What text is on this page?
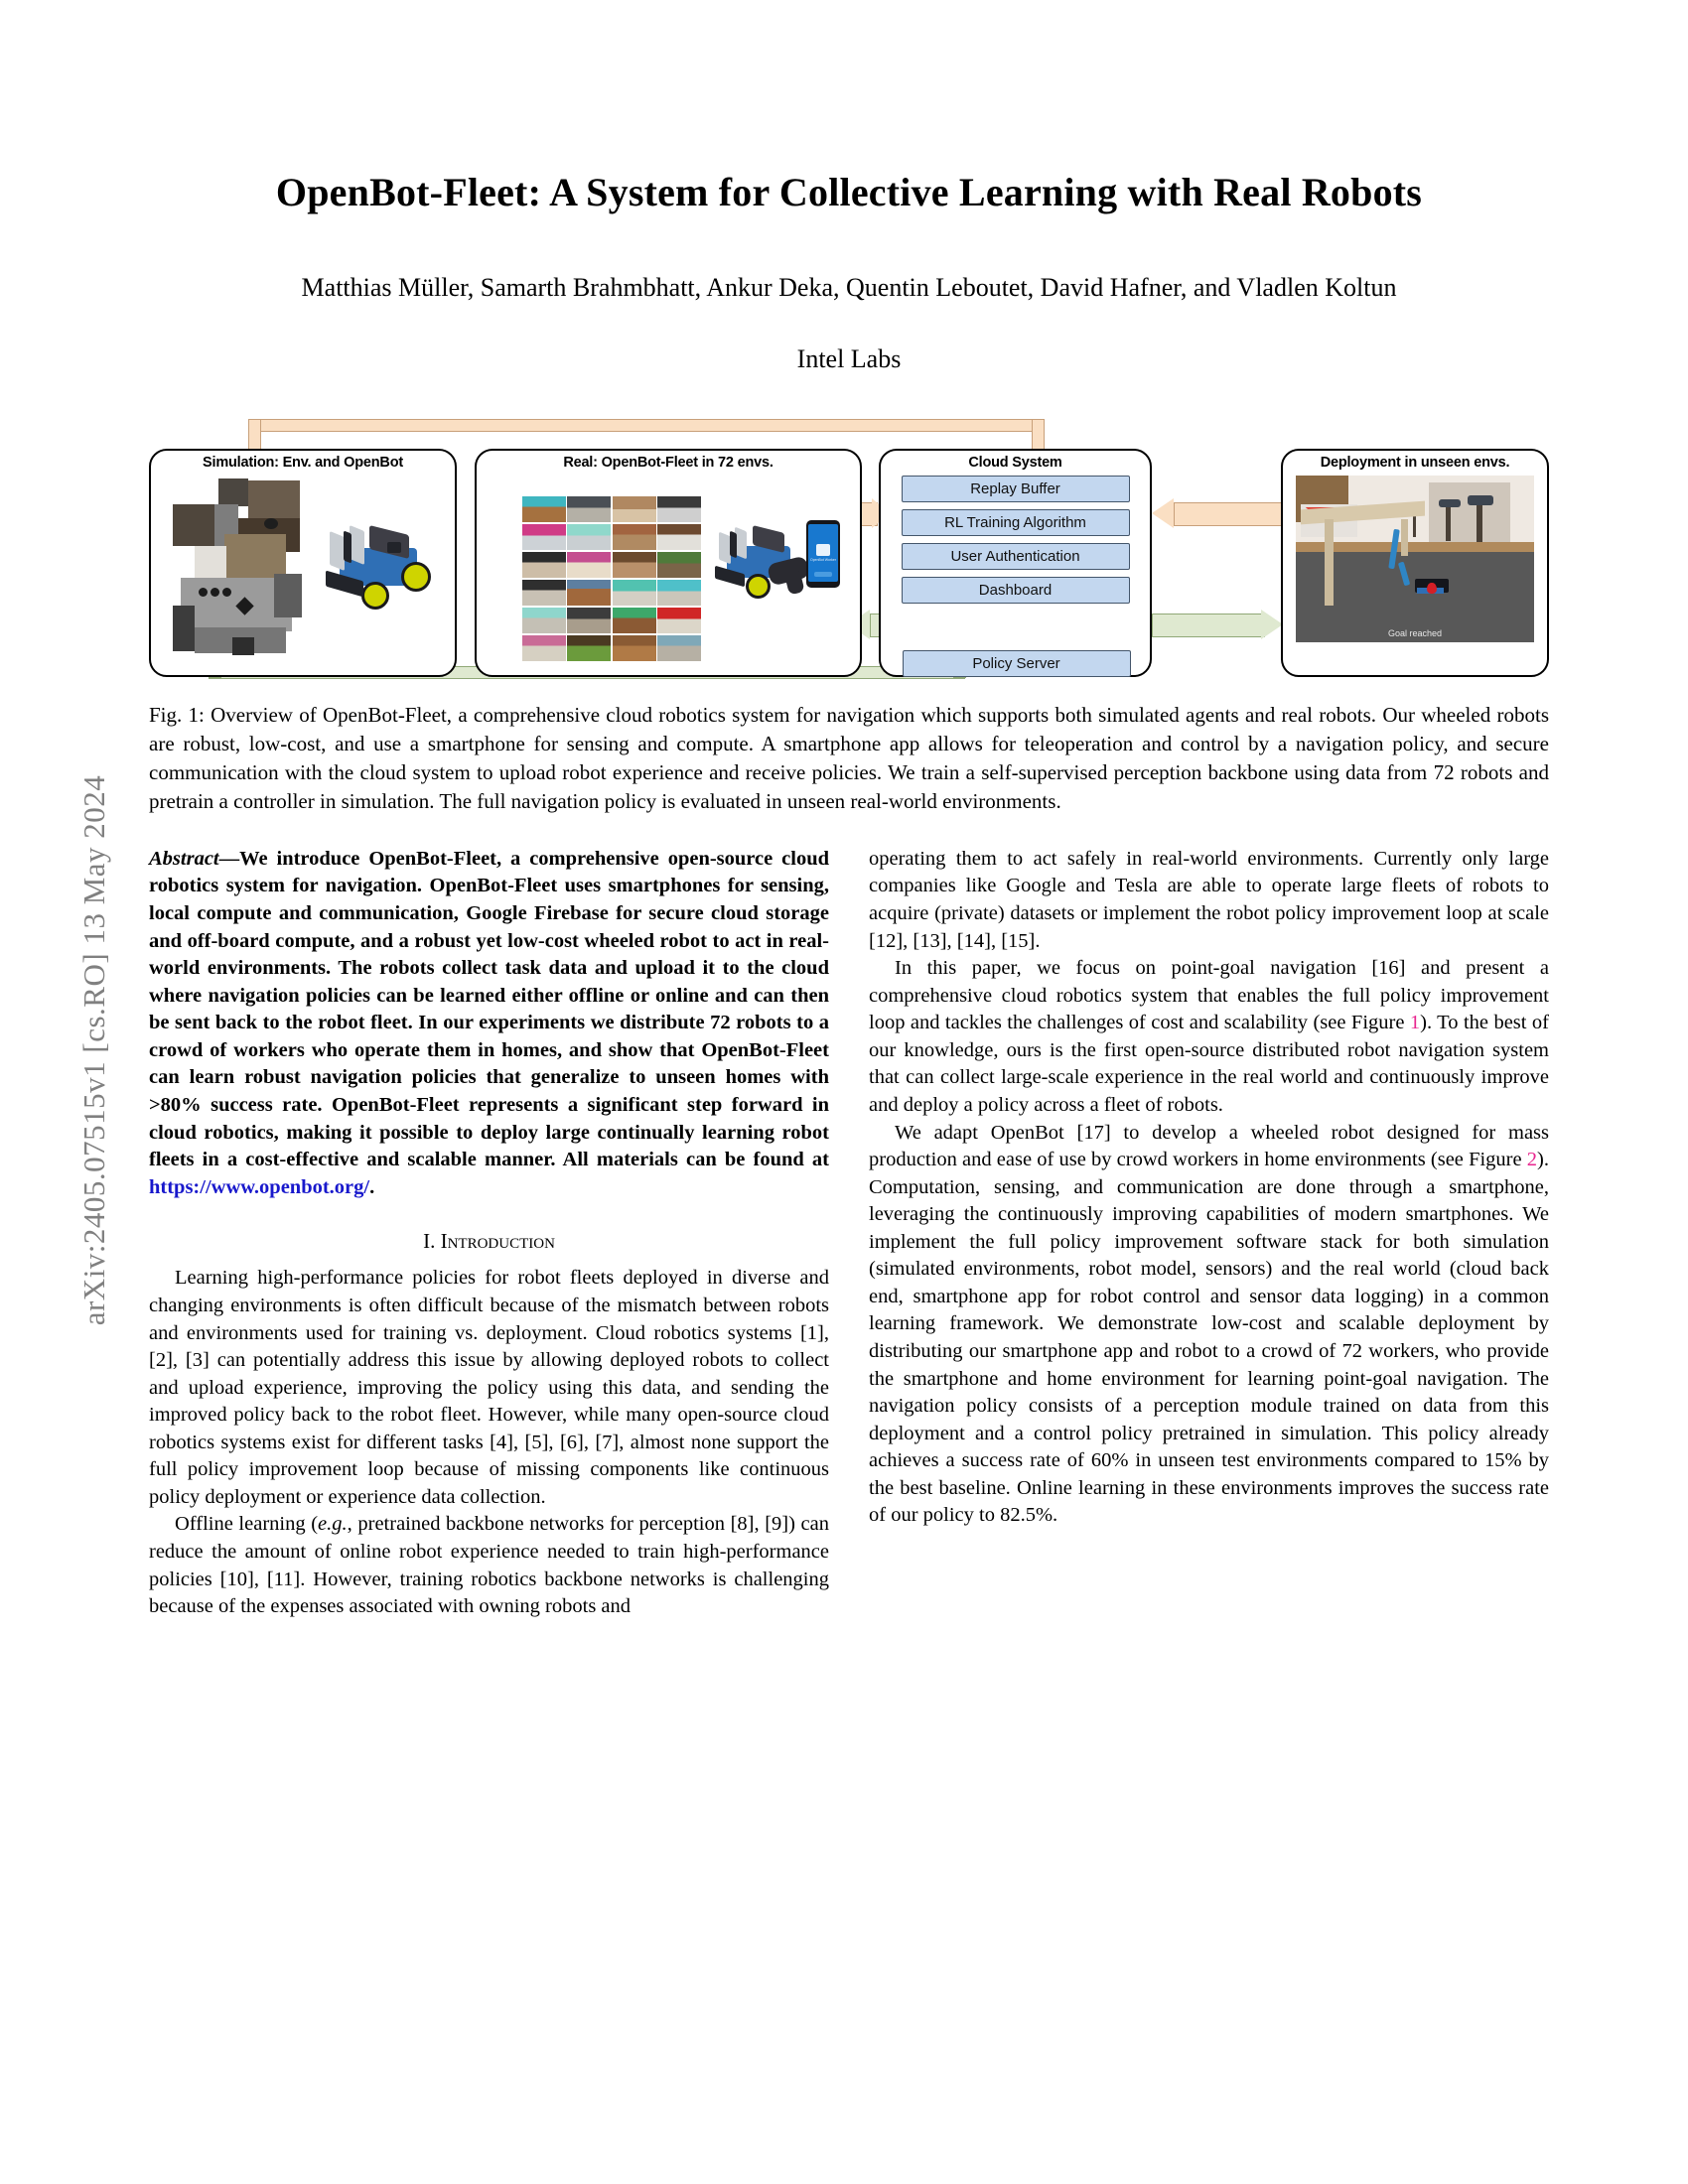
arXiv:2405.07515v1 [cs.RO] 13 May 2024
OpenBot-Fleet: A System for Collective Learning with Real Robots
Matthias Müller, Samarth Brahmbhatt, Ankur Deka, Quentin Leboutet, David Hafner, and Vladlen Koltun
Intel Labs
Simulation: Env. and OpenBot	Real: OpenBot-Fleet in 72 envs.
OpenBot Worker
Cloud System
Replay Buffer
RL Training Algorithm
User Authentication
Dashboard
Policy Server
Deployment in unseen envs.
Goal reached
Fig. 1: Overview of OpenBot-Fleet, a comprehensive cloud robotics system for navigation which supports both simulated agents and real robots. Our wheeled robots are robust, low-cost, and use a smartphone for sensing and compute. A smartphone app allows for teleoperation and control by a navigation policy, and secure communication with the cloud system to upload robot experience and receive policies. We train a self-supervised perception backbone using data from 72 robots and pretrain a controller in simulation. The full navigation policy is evaluated in unseen real-world environments.
Abstract—We introduce OpenBot-Fleet, a comprehensive open-source cloud robotics system for navigation. OpenBot-Fleet uses smartphones for sensing, local compute and communication, Google Firebase for secure cloud storage and off-board compute, and a robust yet low-cost wheeled robot to act in real-world environments. The robots collect task data and upload it to the cloud where navigation policies can be learned either offline or online and can then be sent back to the robot fleet. In our experiments we distribute 72 robots to a crowd of workers who operate them in homes, and show that OpenBot-Fleet can learn robust navigation policies that generalize to unseen homes with >80% success rate. OpenBot-Fleet represents a significant step forward in cloud robotics, making it possible to deploy large continually learning robot fleets in a cost-effective and scalable manner. All materials can be found at https://www.openbot.org/.
I. Introduction

Learning high-performance policies for robot fleets deployed in diverse and changing environments is often difficult because of the mismatch between robots and environments used for training vs. deployment. Cloud robotics systems [1], [2], [3] can potentially address this issue by allowing deployed robots to collect and upload experience, improving the policy using this data, and sending the improved policy back to the robot fleet. However, while many open-source cloud robotics systems exist for different tasks [4], [5], [6], [7], almost none support the full policy improvement loop because of missing components like continuous policy deployment or experience data collection.

Offline learning (e.g., pretrained backbone networks for perception [8], [9]) can reduce the amount of online robot experience needed to train high-performance policies [10], [11]. However, training robotics backbone networks is challenging because of the expenses associated with owning robots and

operating them to act safely in real-world environments. Currently only large companies like Google and Tesla are able to operate large fleets of robots to acquire (private) datasets or implement the robot policy improvement loop at scale [12], [13], [14], [15].

In this paper, we focus on point-goal navigation [16] and present a comprehensive cloud robotics system that enables the full policy improvement loop and tackles the challenges of cost and scalability (see Figure 1). To the best of our knowledge, ours is the first open-source distributed robot navigation system that can collect large-scale experience in the real world and continuously improve and deploy a policy across a fleet of robots.

We adapt OpenBot [17] to develop a wheeled robot designed for mass production and ease of use by crowd workers in home environments (see Figure 2). Computation, sensing, and communication are done through a smartphone, leveraging the continuously improving capabilities of modern smartphones. We implement the full policy improvement software stack for both simulation (simulated environments, robot model, sensors) and the real world (cloud back end, smartphone app for robot control and sensor data logging) in a common learning framework. We demonstrate low-cost and scalable deployment by distributing our smartphone app and robot to a crowd of 72 workers, who provide the smartphone and home environment for learning point-goal navigation. The navigation policy consists of a perception module trained on data from this deployment and a control policy pretrained in simulation. This policy already achieves a success rate of 60% in unseen test environments compared to 15% by the best baseline. Online learning in these environments improves the success rate of our policy to 82.5%.
